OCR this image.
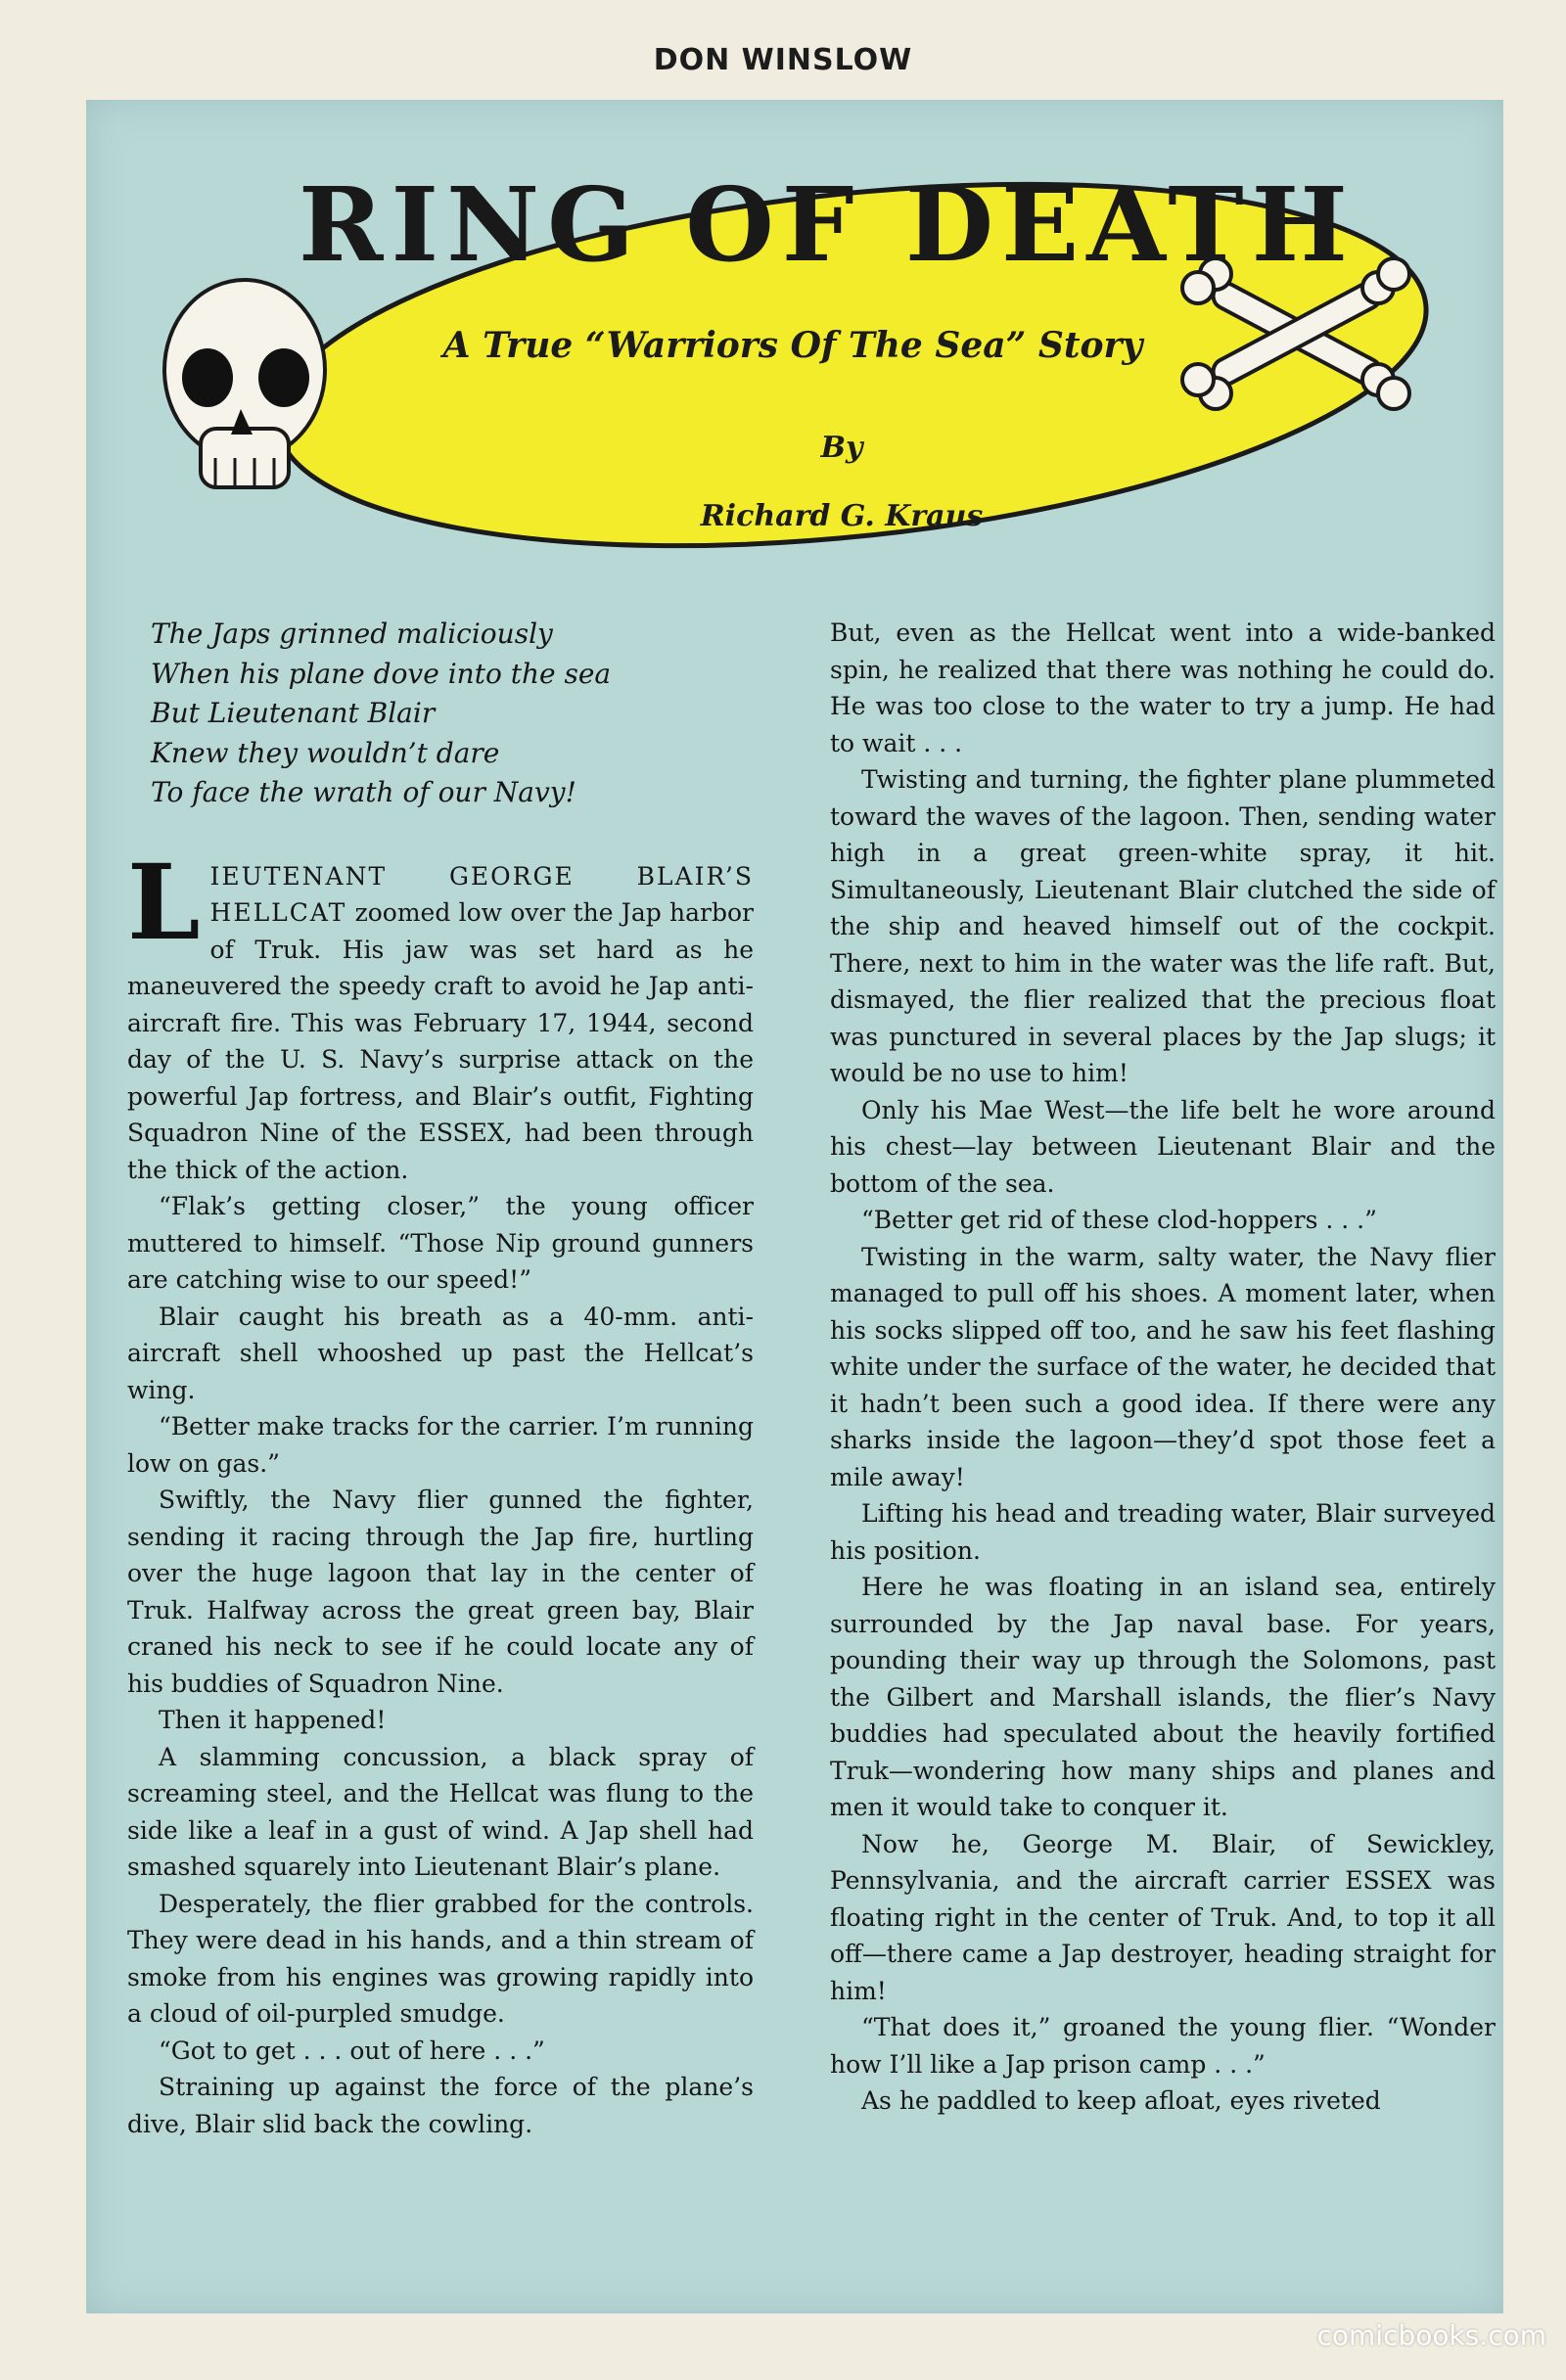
DON WINSLOW
RING OF DEATH
A True “Warriors Of The Sea” Story
By
Richard G. Kraus
The Japs grinned maliciously
When his plane dove into the sea
But Lieutenant Blair
Knew they wouldn’t dare
To face the wrath of our Navy!

LIEUTENANT GEORGE BLAIR’S HELLCAT zoomed low over the Jap harbor of Truk. His jaw was set hard as he maneuvered the speedy craft to avoid he Jap anti-aircraft fire. This was February 17, 1944, second day of the U. S. Navy’s surprise attack on the powerful Jap fortress, and Blair’s outfit, Fighting Squadron Nine of the ESSEX, had been through the thick of the action.

“Flak’s getting closer,” the young officer muttered to himself. “Those Nip ground gunners are catching wise to our speed!”

Blair caught his breath as a 40-mm. anti-aircraft shell whooshed up past the Hellcat’s wing.

“Better make tracks for the carrier. I’m running low on gas.”

Swiftly, the Navy flier gunned the fighter, sending it racing through the Jap fire, hurtling over the huge lagoon that lay in the center of Truk. Halfway across the great green bay, Blair craned his neck to see if he could locate any of his buddies of Squadron Nine.

Then it happened!

A slamming concussion, a black spray of screaming steel, and the Hellcat was flung to the side like a leaf in a gust of wind. A Jap shell had smashed squarely into Lieutenant Blair’s plane.

Desperately, the flier grabbed for the controls. They were dead in his hands, and a thin stream of smoke from his engines was growing rapidly into a cloud of oil-purpled smudge.

“Got to get . . . out of here . . .”

Straining up against the force of the plane’s dive, Blair slid back the cowling.

But, even as the Hellcat went into a wide-banked spin, he realized that there was nothing he could do. He was too close to the water to try a jump. He had to wait . . .

Twisting and turning, the fighter plane plummeted toward the waves of the lagoon. Then, sending water high in a great green-white spray, it hit. Simultaneously, Lieutenant Blair clutched the side of the ship and heaved himself out of the cockpit. There, next to him in the water was the life raft. But, dismayed, the flier realized that the precious float was punctured in several places by the Jap slugs; it would be no use to him!

Only his Mae West—the life belt he wore around his chest—lay between Lieutenant Blair and the bottom of the sea.

“Better get rid of these clod-hoppers . . .”

Twisting in the warm, salty water, the Navy flier managed to pull off his shoes. A moment later, when his socks slipped off too, and he saw his feet flashing white under the surface of the water, he decided that it hadn’t been such a good idea. If there were any sharks inside the lagoon—they’d spot those feet a mile away!

Lifting his head and treading water, Blair surveyed his position.

Here he was floating in an island sea, entirely surrounded by the Jap naval base. For years, pounding their way up through the Solomons, past the Gilbert and Marshall islands, the flier’s Navy buddies had speculated about the heavily fortified Truk—wondering how many ships and planes and men it would take to conquer it.

Now he, George M. Blair, of Sewickley, Pennsylvania, and the aircraft carrier ESSEX was floating right in the center of Truk. And, to top it all off—there came a Jap destroyer, heading straight for him!

“That does it,” groaned the young flier. “Wonder how I’ll like a Jap prison camp . . .”

As he paddled to keep afloat, eyes riveted

comicbooks.com
